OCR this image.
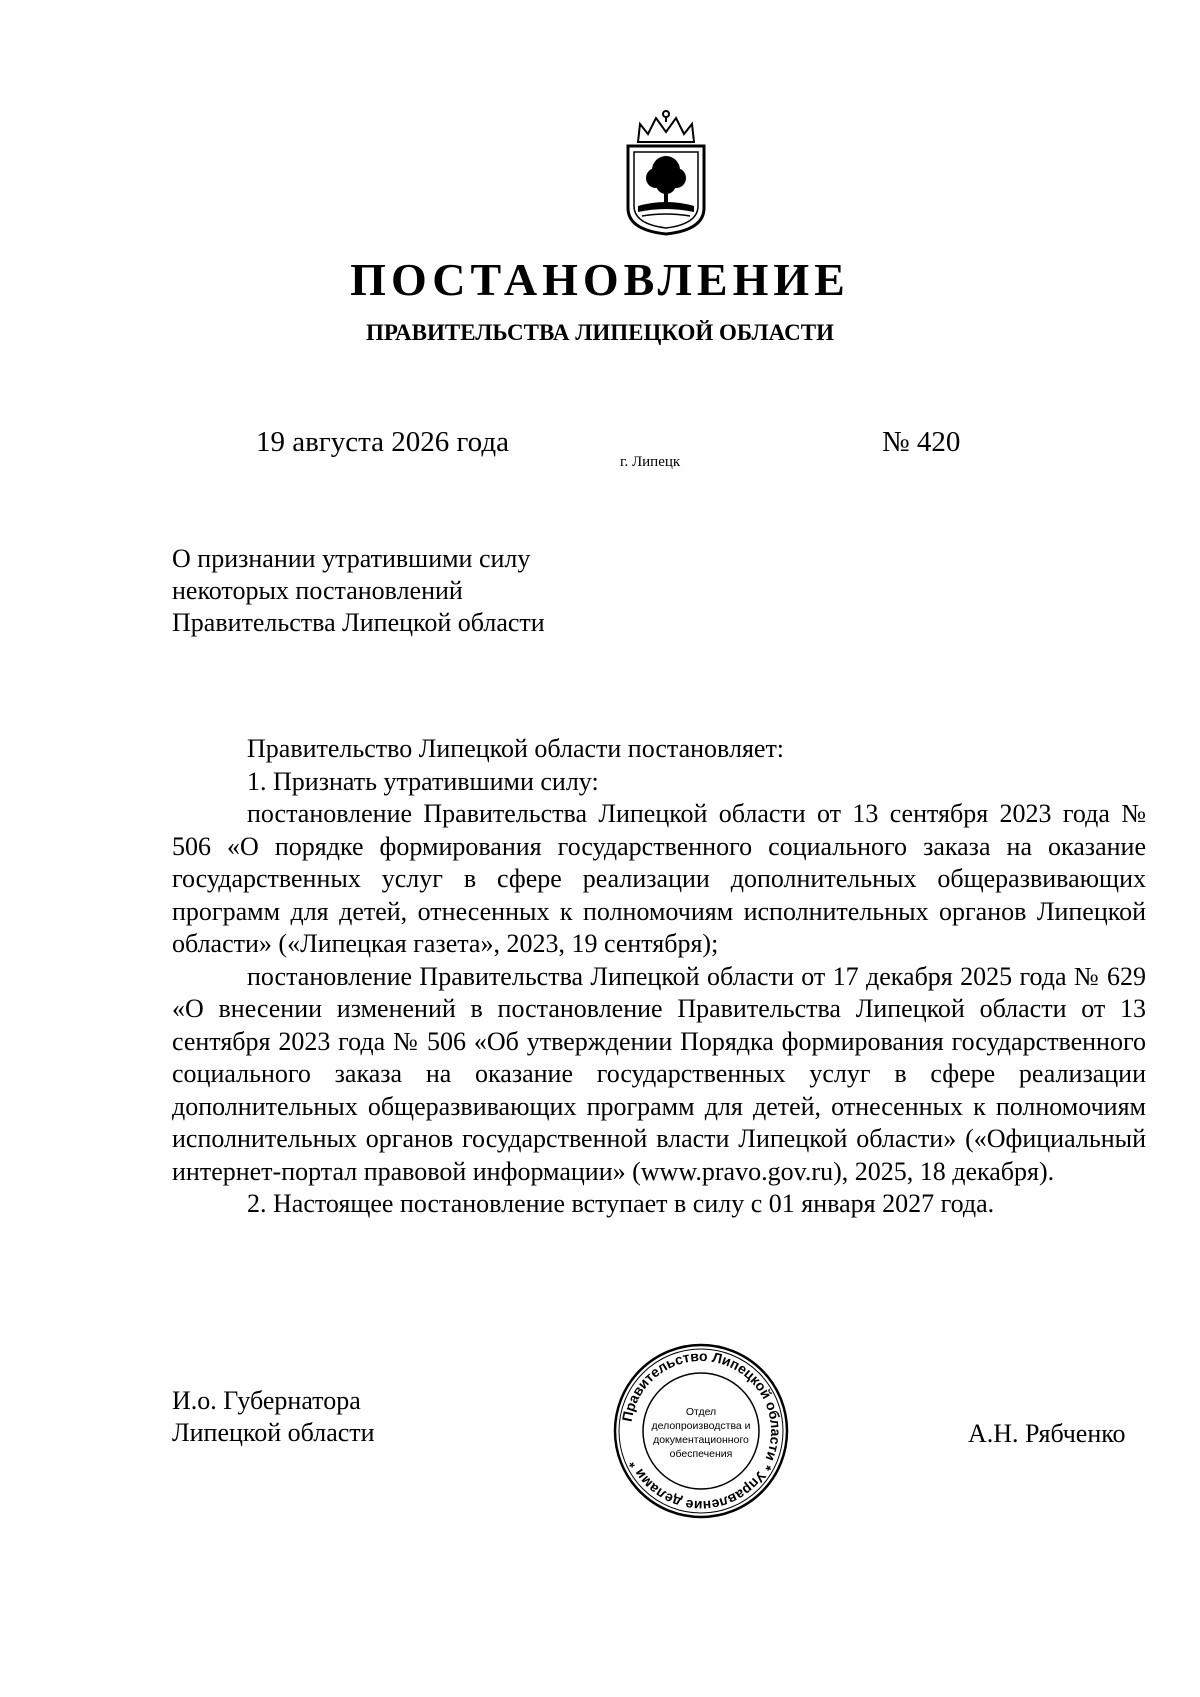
ПОСТАНОВЛЕНИЕ
ПРАВИТЕЛЬСТВА ЛИПЕЦКОЙ ОБЛАСТИ
19 августа 2026 года
г. Липецк
№ 420
О признании утратившими силу
некоторых постановлений
Правительства Липецкой области

Правительство Липецкой области постановляет:

1. Признать утратившими силу:

постановление Правительства Липецкой области от 13 сентября 2023 года № 506 «О порядке формирования государственного социального заказа на оказание государственных услуг в сфере реализации дополнительных общеразвивающих программ для детей, отнесенных к полномочиям исполнительных органов Липецкой области» («Липецкая газета», 2023, 19 сентября);

постановление Правительства Липецкой области от 17 декабря 2025 года № 629 «О внесении изменений в постановление Правительства Липецкой области от 13 сентября 2023 года № 506 «Об утверждении Порядка формирования государственного социального заказа на оказание государственных услуг в сфере реализации дополнительных общеразвивающих программ для детей, отнесенных к полномочиям исполнительных органов государственной власти Липецкой области» («Официальный интернет-портал правовой информации» (www.pravo.gov.ru), 2025, 18 декабря).

2. Настоящее постановление вступает в силу с 01 января 2027 года.

И.о. Губернатора
Липецкой области	А.Н. Рябченко
Правительство Липецкой области * Управление делами *
Отдел
делопроизводства и
документационного
обеспечения
